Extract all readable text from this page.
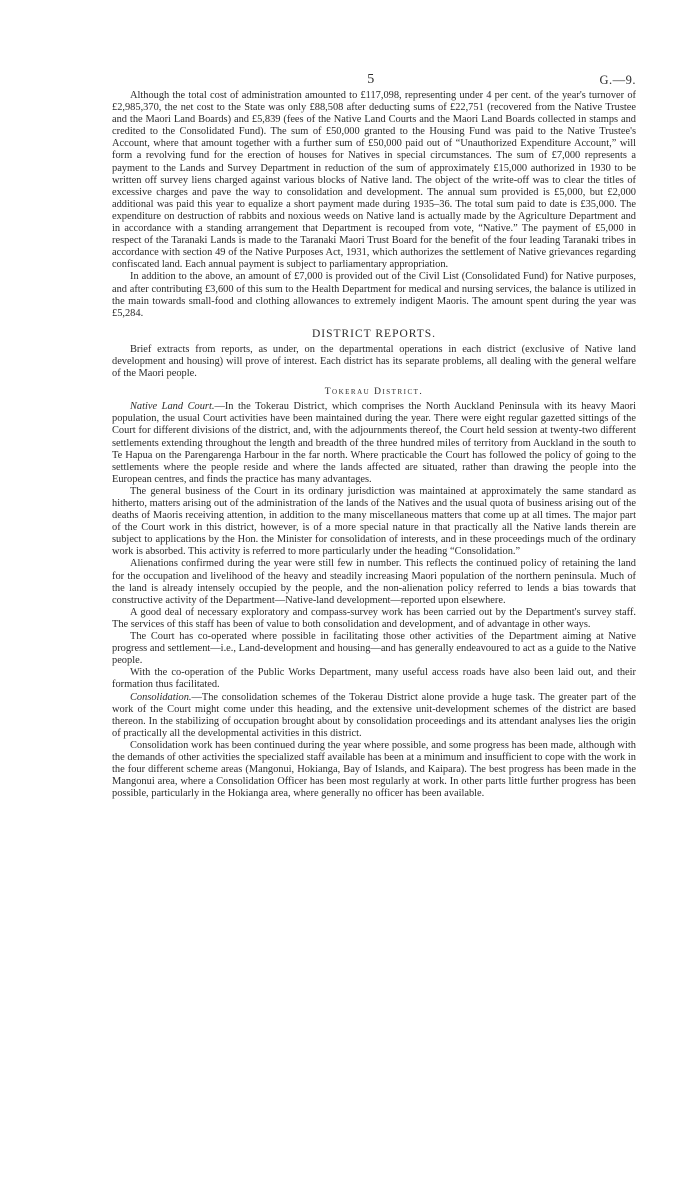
5	G.—9.

Although the total cost of administration amounted to £117,098, representing under 4 per cent. of the year's turnover of £2,985,370, the net cost to the State was only £88,508 after deducting sums of £22,751 (recovered from the Native Trustee and the Maori Land Boards) and £5,839 (fees of the Native Land Courts and the Maori Land Boards collected in stamps and credited to the Consolidated Fund). The sum of £50,000 granted to the Housing Fund was paid to the Native Trustee's Account, where that amount together with a further sum of £50,000 paid out of “Unauthorized Expenditure Account,” will form a revolving fund for the erection of houses for Natives in special circumstances. The sum of £7,000 represents a payment to the Lands and Survey Department in reduction of the sum of approximately £15,000 authorized in 1930 to be written off survey liens charged against various blocks of Native land. The object of the write-off was to clear the titles of excessive charges and pave the way to consolidation and development. The annual sum provided is £5,000, but £2,000 additional was paid this year to equalize a short payment made during 1935–36. The total sum paid to date is £35,000. The expenditure on destruction of rabbits and noxious weeds on Native land is actually made by the Agriculture Department and in accordance with a standing arrangement that Department is recouped from vote, “Native.” The payment of £5,000 in respect of the Taranaki Lands is made to the Taranaki Maori Trust Board for the benefit of the four leading Taranaki tribes in accordance with section 49 of the Native Purposes Act, 1931, which authorizes the settlement of Native grievances regarding confiscated land. Each annual payment is subject to parliamentary appropriation.

In addition to the above, an amount of £7,000 is provided out of the Civil List (Consolidated Fund) for Native purposes, and after contributing £3,600 of this sum to the Health Department for medical and nursing services, the balance is utilized in the main towards small-food and clothing allowances to extremely indigent Maoris. The amount spent during the year was £5,284.

DISTRICT REPORTS.

Brief extracts from reports, as under, on the departmental operations in each district (exclusive of Native land development and housing) will prove of interest. Each district has its separate problems, all dealing with the general welfare of the Maori people.

Tokerau District.

Native Land Court.—In the Tokerau District, which comprises the North Auckland Peninsula with its heavy Maori population, the usual Court activities have been maintained during the year. There were eight regular gazetted sittings of the Court for different divisions of the district, and, with the adjournments thereof, the Court held session at twenty-two different settlements extending throughout the length and breadth of the three hundred miles of territory from Auckland in the south to Te Hapua on the Parengarenga Harbour in the far north. Where practicable the Court has followed the policy of going to the settlements where the people reside and where the lands affected are situated, rather than drawing the people into the European centres, and finds the practice has many advantages.

The general business of the Court in its ordinary jurisdiction was maintained at approximately the same standard as hitherto, matters arising out of the administration of the lands of the Natives and the usual quota of business arising out of the deaths of Maoris receiving attention, in addition to the many miscellaneous matters that come up at all times. The major part of the Court work in this district, however, is of a more special nature in that practically all the Native lands therein are subject to applications by the Hon. the Minister for consolidation of interests, and in these proceedings much of the ordinary work is absorbed. This activity is referred to more particularly under the heading “Consolidation.”

Alienations confirmed during the year were still few in number. This reflects the continued policy of retaining the land for the occupation and livelihood of the heavy and steadily increasing Maori population of the northern peninsula. Much of the land is already intensely occupied by the people, and the non-alienation policy referred to lends a bias towards that constructive activity of the Department—Native-land development—reported upon elsewhere.

A good deal of necessary exploratory and compass-survey work has been carried out by the Department's survey staff. The services of this staff has been of value to both consolidation and development, and of advantage in other ways.

The Court has co-operated where possible in facilitating those other activities of the Department aiming at Native progress and settlement—i.e., Land-development and housing—and has generally endeavoured to act as a guide to the Native people.

With the co-operation of the Public Works Department, many useful access roads have also been laid out, and their formation thus facilitated.

Consolidation.—The consolidation schemes of the Tokerau District alone provide a huge task. The greater part of the work of the Court might come under this heading, and the extensive unit-development schemes of the district are based thereon. In the stabilizing of occupation brought about by consolidation proceedings and its attendant analyses lies the origin of practically all the developmental activities in this district.

Consolidation work has been continued during the year where possible, and some progress has been made, although with the demands of other activities the specialized staff available has been at a minimum and insufficient to cope with the work in the four different scheme areas (Mangonui, Hokianga, Bay of Islands, and Kaipara). The best progress has been made in the Mangonui area, where a Consolidation Officer has been most regularly at work. In other parts little further progress has been possible, particularly in the Hokianga area, where generally no officer has been available.
